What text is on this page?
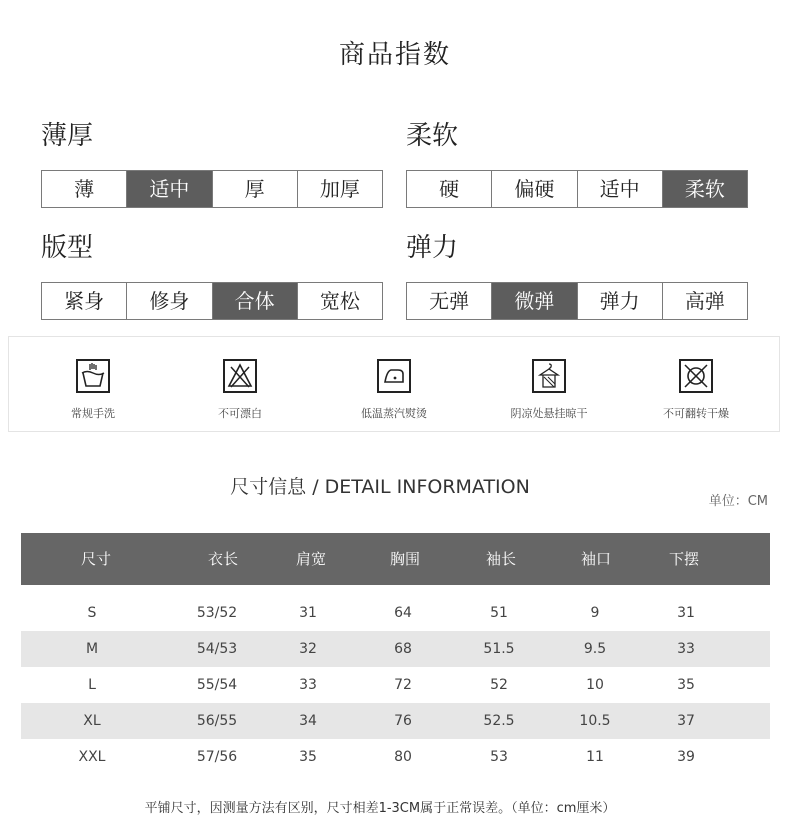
商品指数
薄厚
薄	适中	厚	加厚
柔软
硬	偏硬	适中	柔软
版型
紧身	修身	合体	宽松
弹力
无弹	微弹	弹力	高弹
常规手洗	不可漂白	低温蒸汽熨烫	阴凉处悬挂晾干	不可翻转干燥
尺寸信息 / DETAIL INFORMATION
单位：CM
尺寸	衣长	肩宽	胸围	袖长	袖口	下摆
S	53/52	31	64	51	9	31
M	54/53	32	68	51.5	9.5	33
L	55/54	33	72	52	10	35
XL	56/55	34	76	52.5	10.5	37
XXL	57/56	35	80	53	11	39
平铺尺寸，因测量方法有区别，尺寸相差1-3CM属于正常误差。（单位：cm厘米）
